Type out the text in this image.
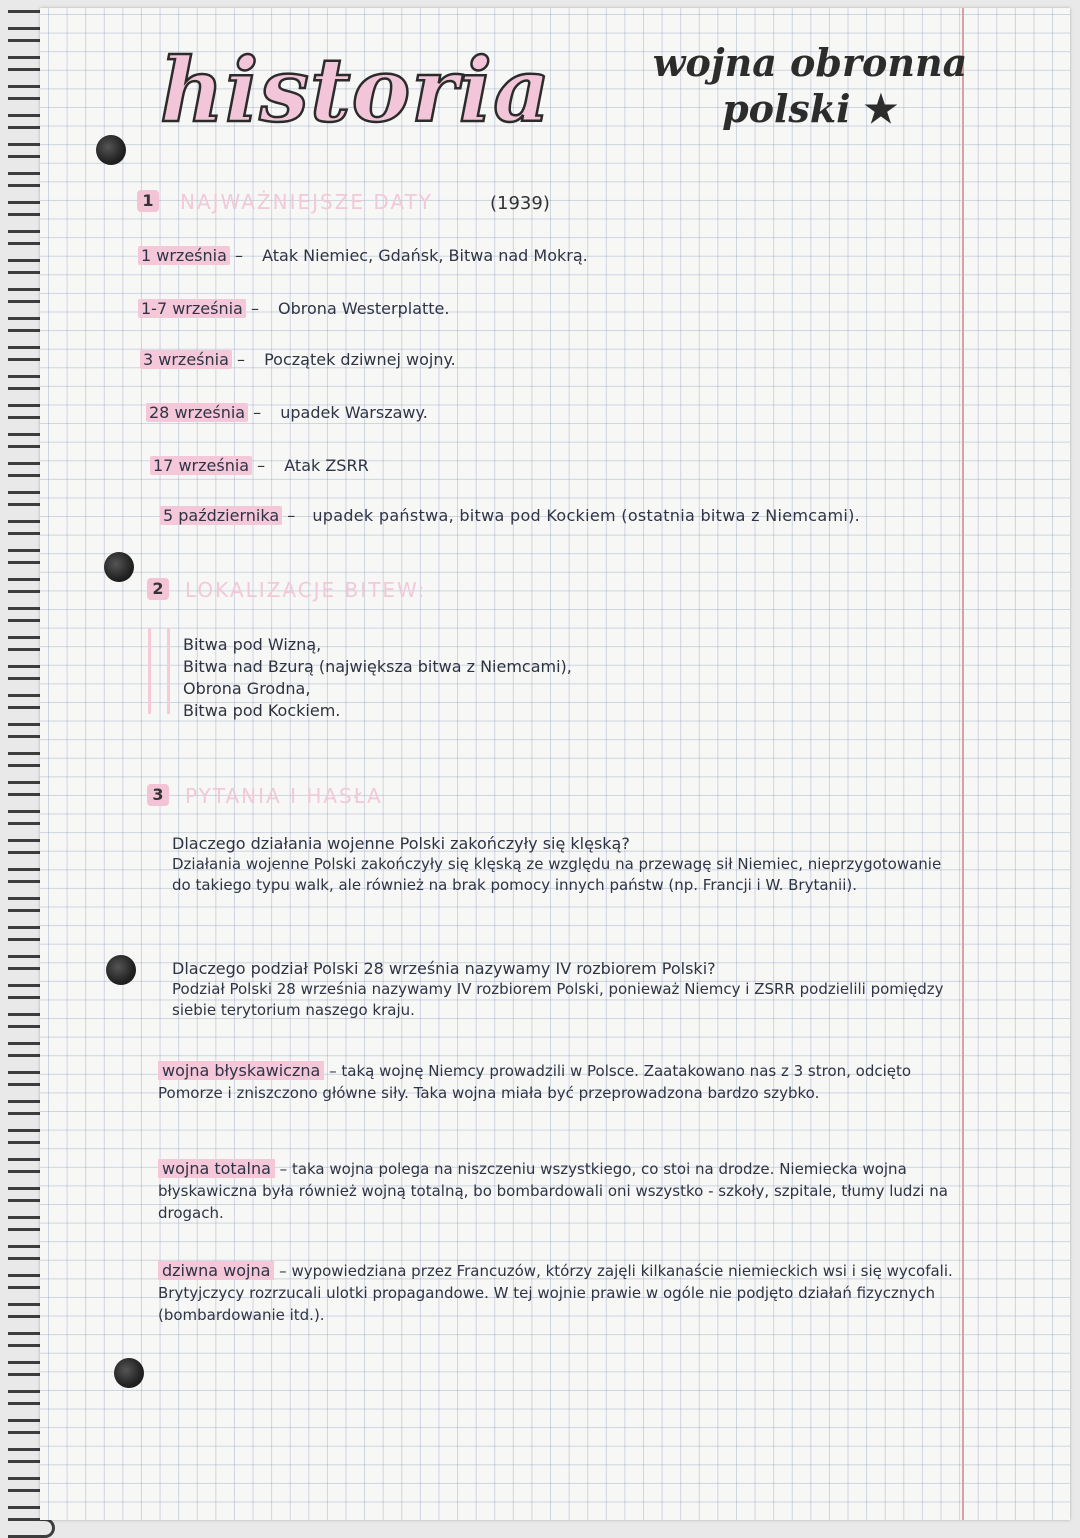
historia	wojna obronna
polski ★
1 NAJWAŻNIEJSZE DATY	(1939)
1 września – Atak Niemiec, Gdańsk, Bitwa nad Mokrą.
1-7 września – Obrona Westerplatte.
3 września – Początek dziwnej wojny.
28 września – upadek Warszawy.
17 września – Atak ZSRR
5 października – upadek państwa, bitwa pod Kockiem (ostatnia bitwa z Niemcami).
2 LOKALIZACJE BITEW:
Bitwa pod Wizną,
Bitwa nad Bzurą (największa bitwa z Niemcami),
Obrona Grodna,
Bitwa pod Kockiem.
3 PYTANIA I HASŁA
Dlaczego działania wojenne Polski zakończyły się klęską?
Działania wojenne Polski zakończyły się klęską ze względu na przewagę sił Niemiec, nieprzygotowanie do takiego typu walk, ale również na brak pomocy innych państw (np. Francji i W. Brytanii).
Dlaczego podział Polski 28 września nazywamy IV rozbiorem Polski?
Podział Polski 28 września nazywamy IV rozbiorem Polski, ponieważ Niemcy i ZSRR podzielili pomiędzy siebie terytorium naszego kraju.
wojna błyskawiczna – taką wojnę Niemcy prowadzili w Polsce. Zaatakowano nas z 3 stron, odcięto Pomorze i zniszczono główne siły. Taka wojna miała być przeprowadzona bardzo szybko.
wojna totalna – taka wojna polega na niszczeniu wszystkiego, co stoi na drodze. Niemiecka wojna błyskawiczna była również wojną totalną, bo bombardowali oni wszystko - szkoły, szpitale, tłumy ludzi na drogach.
dziwna wojna – wypowiedziana przez Francuzów, którzy zajęli kilkanaście niemieckich wsi i się wycofali. Brytyjczycy rozrzucali ulotki propagandowe. W tej wojnie prawie w ogóle nie podjęto działań fizycznych (bombardowanie itd.).
